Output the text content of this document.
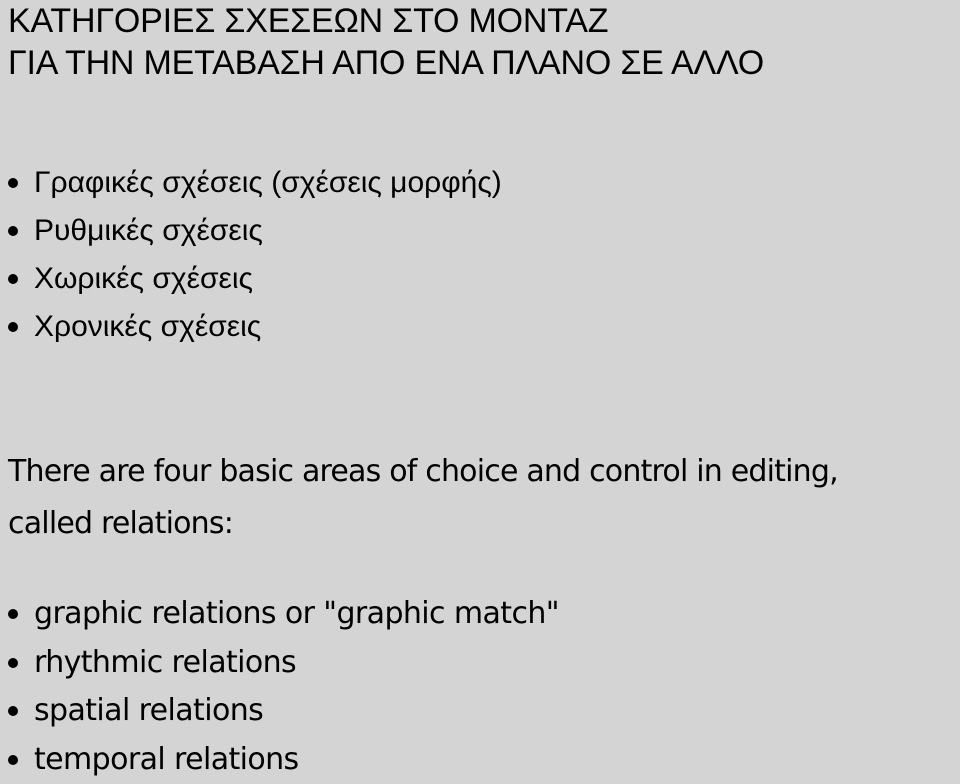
ΚΑΤΗΓΟΡΙΕΣ ΣΧΕΣΕΩΝ ΣΤΟ ΜΟΝΤΑΖ
ΓΙΑ ΤΗΝ ΜΕΤΑΒΑΣΗ ΑΠΟ ΕΝΑ ΠΛΑΝΟ ΣΕ ΑΛΛΟ
Γραφικές σχέσεις (σχέσεις μορφής)
Ρυθμικές σχέσεις
Χωρικές σχέσεις
Χρονικές σχέσεις
There are four basic areas of choice and control in editing,
called relations:
graphic relations or "graphic match"
rhythmic relations
spatial relations
temporal relations
